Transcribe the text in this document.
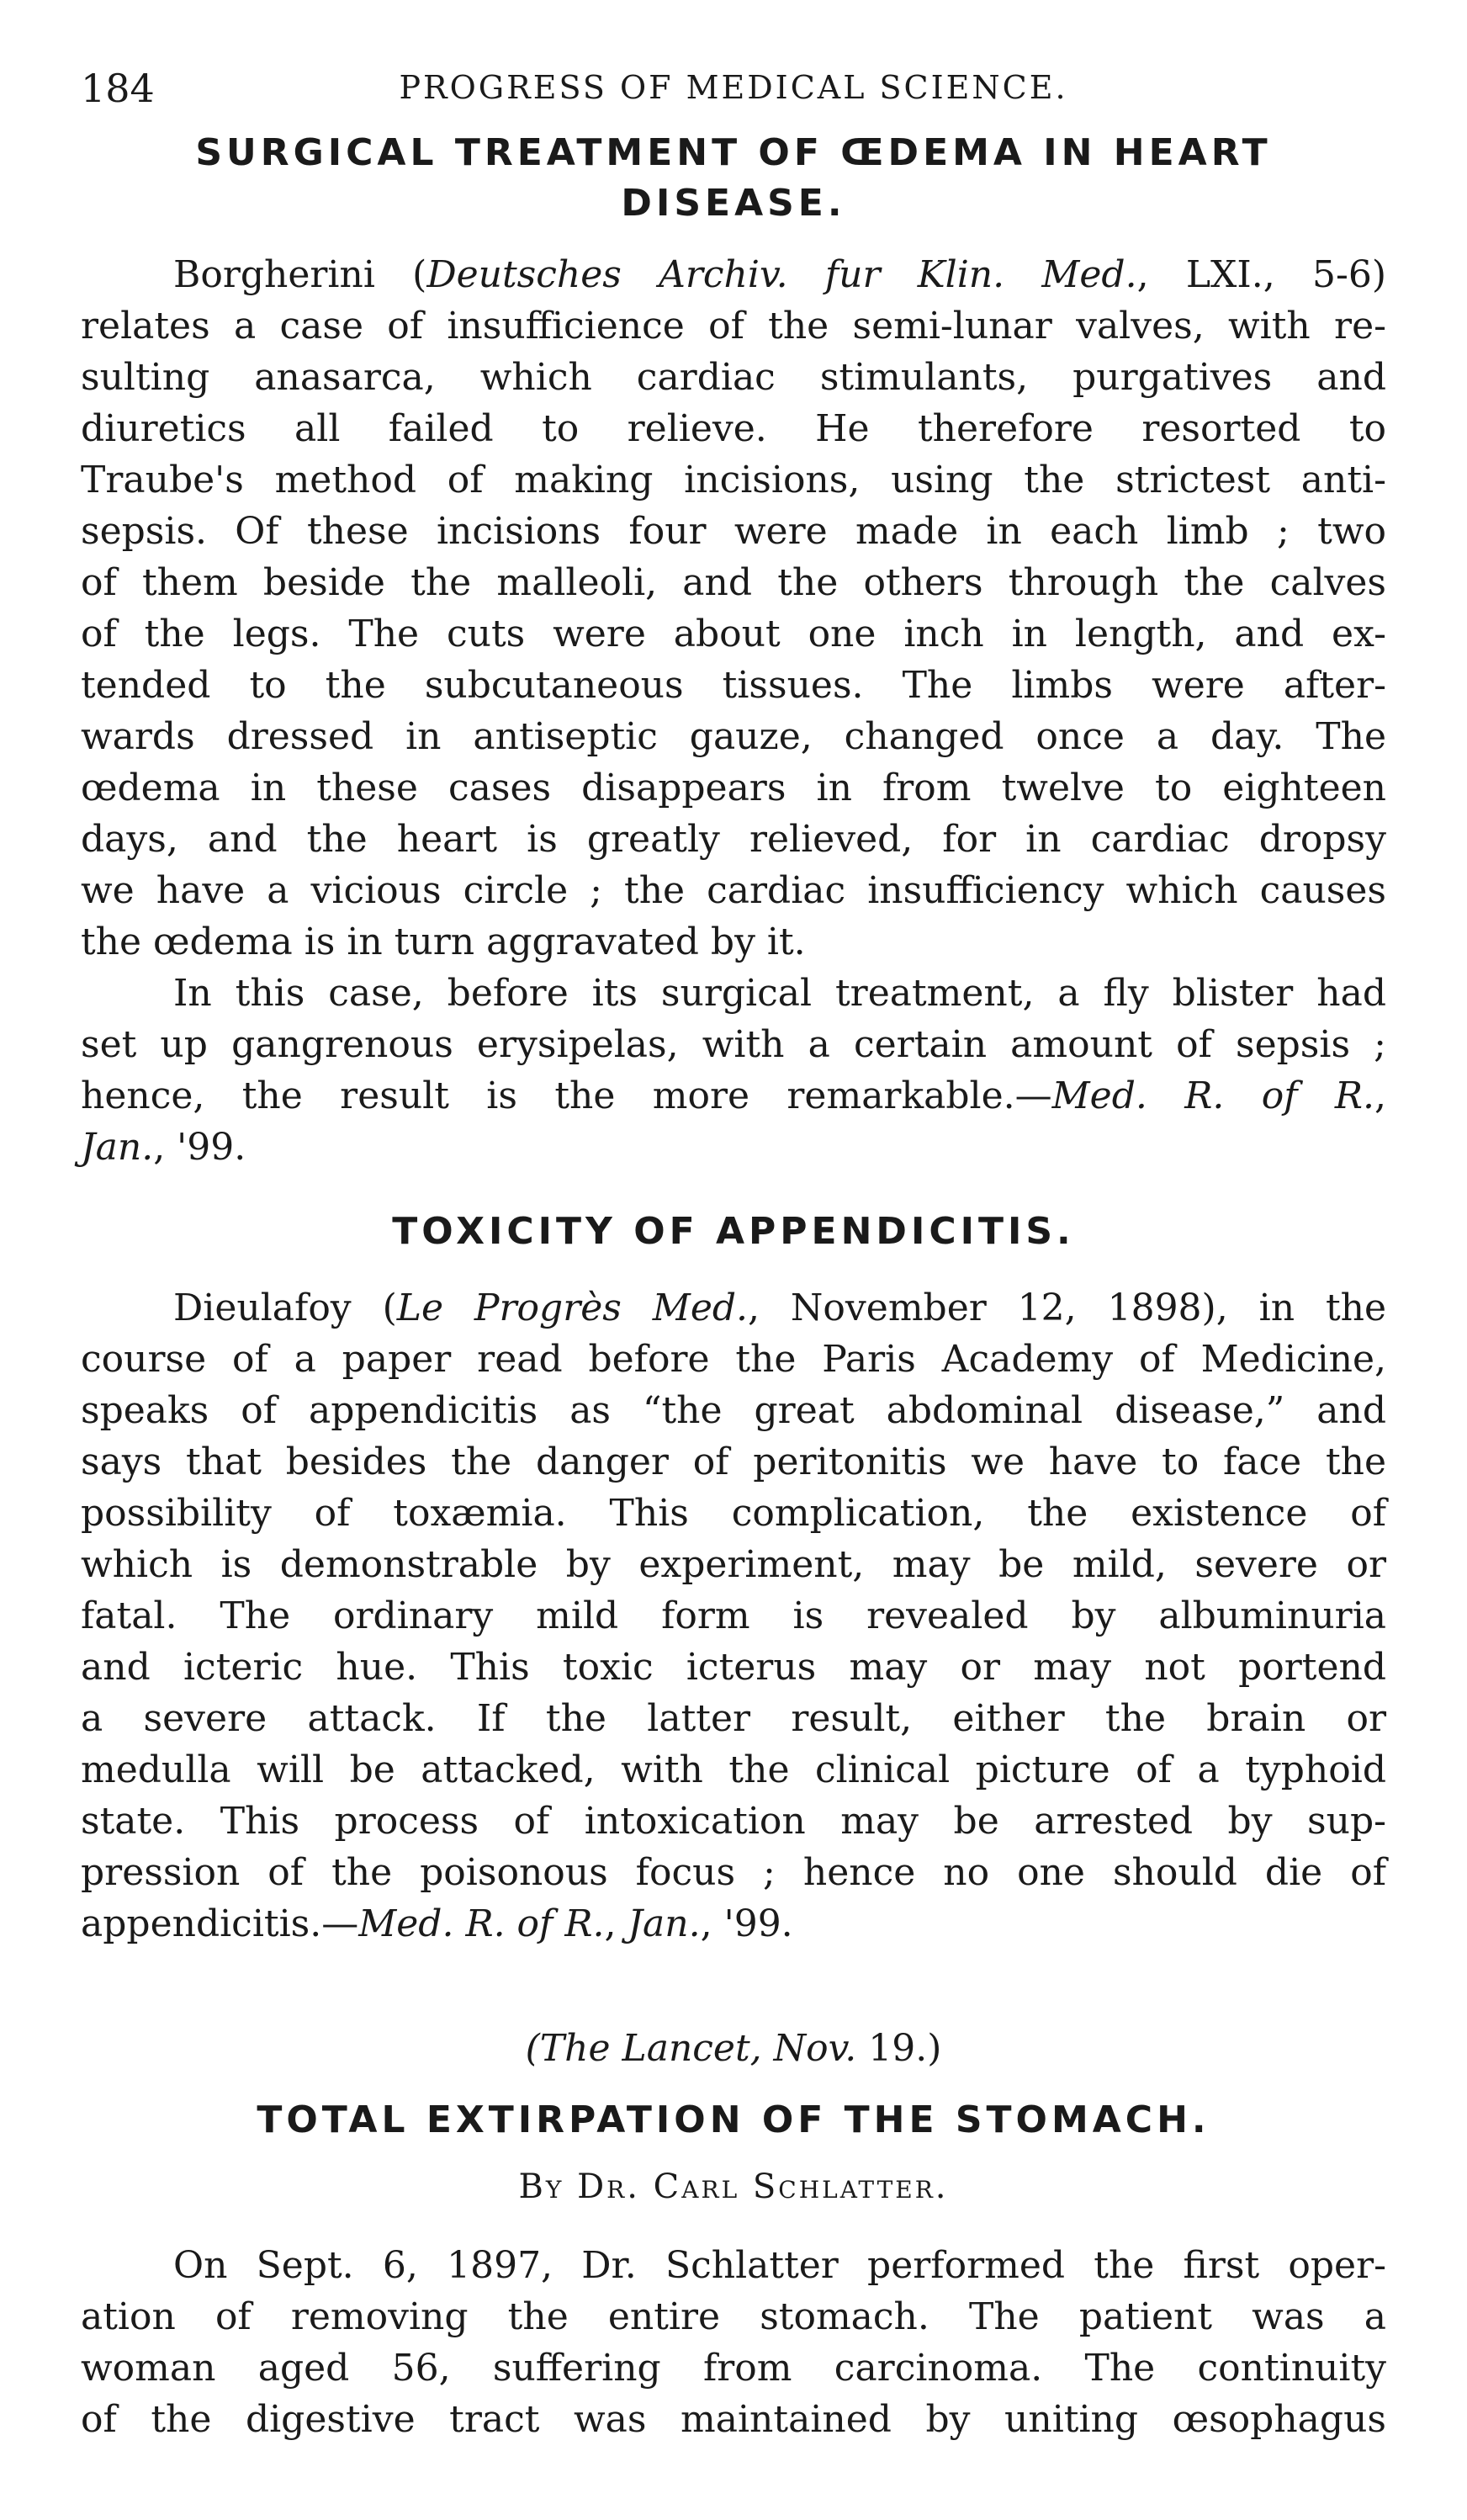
184	PROGRESS OF MEDICAL SCIENCE.
SURGICAL TREATMENT OF ŒDEMA IN HEART
DISEASE.
Borgherini (Deutsches Archiv. fur Klin. Med., LXI., 5-6)
relates a case of insufficience of the semi-lunar valves, with re-
sulting anasarca, which cardiac stimulants, purgatives and
diuretics all failed to relieve. He therefore resorted to
Traube's method of making incisions, using the strictest anti-
sepsis. Of these incisions four were made in each limb ; two
of them beside the malleoli, and the others through the calves
of the legs. The cuts were about one inch in length, and ex-
tended to the subcutaneous tissues. The limbs were after-
wards dressed in antiseptic gauze, changed once a day. The
œdema in these cases disappears in from twelve to eighteen
days, and the heart is greatly relieved, for in cardiac dropsy
we have a vicious circle ; the cardiac insufficiency which causes
the œdema is in turn aggravated by it.
In this case, before its surgical treatment, a fly blister had
set up gangrenous erysipelas, with a certain amount of sepsis ;
hence, the result is the more remarkable.—Med. R. of R.,
Jan., '99.
TOXICITY OF APPENDICITIS.
Dieulafoy (Le Progrès Med., November 12, 1898), in the
course of a paper read before the Paris Academy of Medicine,
speaks of appendicitis as “the great abdominal disease,” and
says that besides the danger of peritonitis we have to face the
possibility of toxæmia. This complication, the existence of
which is demonstrable by experiment, may be mild, severe or
fatal. The ordinary mild form is revealed by albuminuria
and icteric hue. This toxic icterus may or may not portend
a severe attack. If the latter result, either the brain or
medulla will be attacked, with the clinical picture of a typhoid
state. This process of intoxication may be arrested by sup-
pression of the poisonous focus ; hence no one should die of
appendicitis.—Med. R. of R., Jan., '99.

(The Lancet, Nov. 19.)

TOTAL EXTIRPATION OF THE STOMACH.

By Dr. Carl Schlatter.

On Sept. 6, 1897, Dr. Schlatter performed the first oper-
ation of removing the entire stomach. The patient was a
woman aged 56, suffering from carcinoma. The continuity
of the digestive tract was maintained by uniting œsophagus
